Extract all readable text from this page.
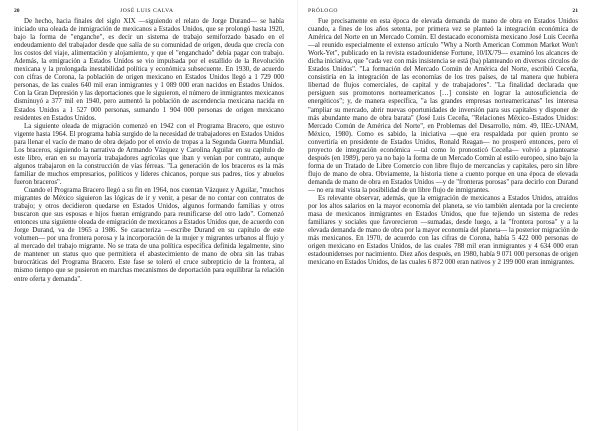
20	JOSÉ LUIS CALVA

De hecho, hacia finales del siglo XIX —siguiendo el relato de Jorge Durand— se había iniciado una oleada de inmigración de mexicanos a Estados Unidos, que se prolongó hasta 1920, bajo la forma de "enganche", es decir un sistema de trabajo semiforzado basado en el endeudamiento del trabajador desde que salía de su comunidad de origen, deuda que crecía con los costos del viaje, alimentación y alojamiento, y que el "enganchado" debía pagar con trabajo. Además, la emigración a Estados Unidos se vio impulsada por el estallido de la Revolución mexicana y la prolongada inestabilidad política y económica subsecuente. En 1930, de acuerdo con cifras de Corona, la población de origen mexicano en Estados Unidos llegó a 1 729 000 personas, de las cuales 640 mil eran inmigrantes y 1 089 000 eran nacidos en Estados Unidos. Con la Gran Depresión y las deportaciones que le siguieron, el número de inmigrantes mexicanos disminuyó a 377 mil en 1940, pero aumentó la población de ascendencia mexicana nacida en Estados Unidos a 1 527 000 personas, sumando 1 904 000 personas de origen mexicano residentes en Estados Unidos.

La siguiente oleada de migración comenzó en 1942 con el Programa Bracero, que estuvo vigente hasta 1964. El programa había surgido de la necesidad de trabajadores en Estados Unidos para llenar el vacío de mano de obra dejado por el envío de tropas a la Segunda Guerra Mundial. Los braceros, siguiendo la narrativa de Armando Vázquez y Carolina Aguilar en su capítulo de este libro, eran en su mayoría trabajadores agrícolas que iban y venían por contrato, aunque algunos trabajaron en la construcción de vías férreas. "La generación de los braceros es la más familiar de muchos empresarios, políticos y líderes chicanos, porque sus padres, tíos y abuelos fueron braceros".

Cuando el Programa Bracero llegó a su fin en 1964, nos cuentan Vázquez y Aguilar, "muchos migrantes de México siguieron las lógicas de ir y venir, a pesar de no contar con contratos de trabajo; y otros decidieron quedarse en Estados Unidos, algunos formando familias y otros buscaron que sus esposas e hijos fueran emigrando para reunificarse del otro lado". Comenzó entonces una siguiente oleada de emigración de mexicanos a Estados Unidos que, de acuerdo con Jorge Durand, va de 1965 a 1986. Se caracteriza —escribe Durand en su capítulo de este volumen— por una frontera porosa y la incorporación de la mujer y migrantes urbanos al flujo y al mercado del trabajo migrante. No se trata de una política específica definida legalmente, sino de mantener un status quo que permitiera el abastecimiento de mano de obra sin las trabas burocráticas del Programa Bracero. Este fase se toleró el cruce subrepticio de la frontera, al mismo tiempo que se pusieron en marchas mecanismos de deportación para equilibrar la relación entre oferta y demanda".

PRÓLOGO	21

Fue precisamente en esta época de elevada demanda de mano de obra en Estados Unidos cuando, a fines de los años setenta, por primera vez se planteó la integración económica de América del Norte en un Mercado Común. El destacado economista mexicano José Luis Ceceña —al reunido especialmente el extenso artículo "Why a North American Common Market Won't Work-Yet", publicado en la revista estadounidense Fortune, 10/IX/79— examinó los alcances de dicha iniciativa, que "cada vez con más insistencia se está (ba) planteando en diversos círculos de Estados Unidos". "La formación del Mercado Común de América del Norte, escribió Ceceña, consistiría en la integración de las economías de los tres países, de tal manera que hubiera libertad de flujos comerciales, de capital y de trabajadores". "La finalidad declarada que persiguen sus promotores norteamericanos […] consiste en lograr la autosuficiencia de energéticos"; y, de manera específica, "a las grandes empresas norteamericanas" les interesa "ampliar su mercado, abrir nuevas oportunidades de inversión para sus capitales y disponer de más abundante mano de obra barata" (José Luis Ceceña, "Relaciones México–Estados Unidos: Mercado Común de América del Norte", en Problemas del Desarrollo, núm. 49, IIEc-UNAM, México, 1980). Como es sabido, la iniciativa —que era respaldada por quien pronto se convertiría en presidente de Estados Unidos, Ronald Reagan— no prosperó entonces, pero el proyecto de integración económica —tal como lo pronosticó Ceceña— volvió a plantearse después (en 1989), pero ya no bajo la forma de un Mercado Común al estilo europeo, sino bajo la forma de un Tratado de Libre Comercio con libre flujo de mercancías y capitales, pero sin libre flujo de mano de obra. Obviamente, la historia tiene a cuento porque en una época de elevada demanda de mano de obra en Estados Unidos —y de "fronteras porosas" para decirlo con Durand— no era mal vista la posibilidad de un libre flujo de inmigrantes.

Es relevante observar, además, que la emigración de mexicanos a Estados Unidos, atraídos por los altos salarios en la mayor economía del planeta, se vio también alentada por la creciente masa de mexicanos inmigrantes en Estados Unidos, que fue tejiendo un sistema de redes familiares y sociales que favorecieron —sumadas, desde luego, a la "frontera porosa" y a la elevada demanda de mano de obra por la mayor economía del planeta— la posterior migración de más mexicanos. En 1970, de acuerdo con las cifras de Corona, había 5 422 000 personas de origen mexicano en Estados Unidos, de las cuales 788 mil eran inmigrantes y 4 634 000 eran estadounidenses por nacimiento. Diez años después, en 1980, había 9 071 000 personas de origen mexicano en Estados Unidos, de las cuales 6 872 000 eran nativos y 2 199 000 eran inmigrantes.
